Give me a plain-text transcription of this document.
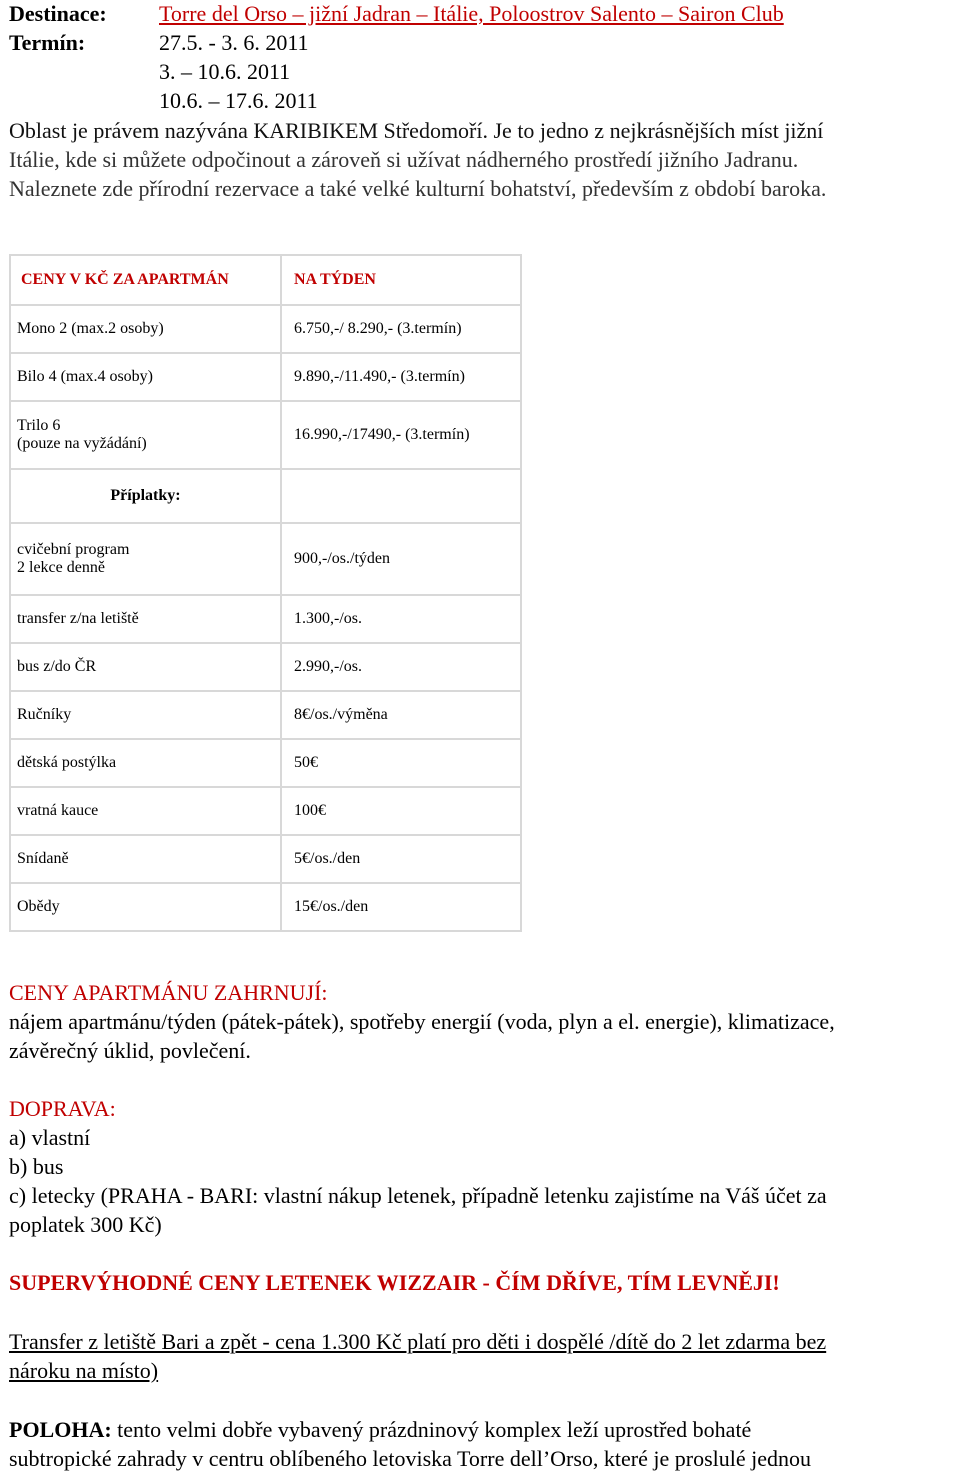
Destinace: Torre del Orso – jižní Jadran – Itálie, Poloostrov Salento – Sairon Club
Termín:	27.5. - 3. 6. 2011
3. – 10.6. 2011
10.6. – 17.6. 2011
Oblast je právem nazývána KARIBIKEM Středomoří. Je to jedno z nejkrásnějších míst jižní
Itálie, kde si můžete odpočinout a zároveň si užívat nádherného prostředí jižního Jadranu.
Naleznete zde přírodní rezervace a také velké kulturní bohatství, především z období baroka.
CENY V KČ ZA APARTMÁN	NA TÝDEN
Mono 2 (max.2 osoby)	6.750,-/ 8.290,- (3.termín)
Bilo 4 (max.4 osoby)	9.890,-/11.490,- (3.termín)

Trilo 6
(pouze na vyžádání)	16.990,-/17490,- (3.termín)
Příplatky:	

cvičební program
2 lekce denně	900,-/os./týden
transfer z/na letiště	1.300,-/os.
bus z/do ČR	2.990,-/os.
Ručníky	8€/os./výměna
dětská postýlka	50€
vratná kauce	100€
Snídaně	5€/os./den
Obědy	15€/os./den
CENY APARTMÁNU ZAHRNUJÍ:
nájem apartmánu/týden (pátek-pátek), spotřeby energií (voda, plyn a el. energie), klimatizace,
závěrečný úklid, povlečení.
DOPRAVA:
a) vlastní
b) bus
c) letecky (PRAHA - BARI: vlastní nákup letenek, případně letenku zajistíme na Váš účet za
poplatek 300 Kč)
SUPERVÝHODNÉ CENY LETENEK WIZZAIR - ČÍM DŘÍVE, TÍM LEVNĚJI!
Transfer z letiště Bari a zpět - cena 1.300 Kč platí pro děti i dospělé /dítě do 2 let zdarma bez
nároku na místo)
POLOHA: tento velmi dobře vybavený prázdninový komplex leží uprostřed bohaté
subtropické zahrady v centru oblíbeného letoviska Torre dell’Orso, které je proslulé jednou
